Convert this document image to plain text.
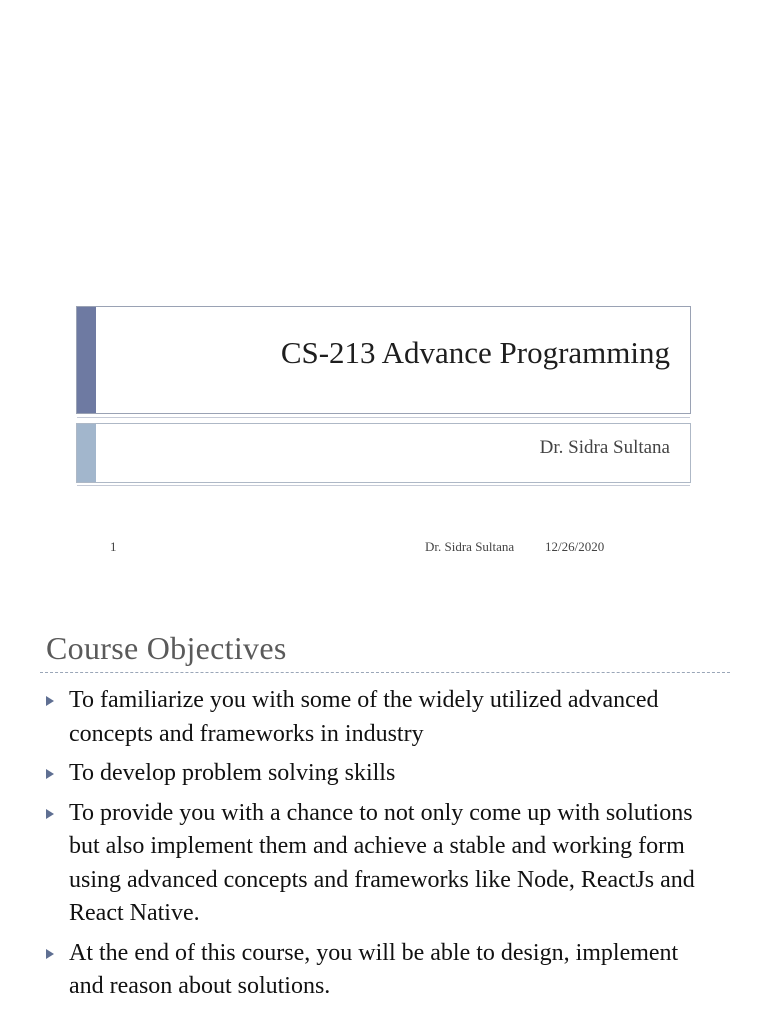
CS-213 Advance Programming
Dr. Sidra Sultana
1	Dr. Sidra Sultana 12/26/2020
Course Objectives
To familiarize you with some of the widely utilized advanced concepts and frameworks in industry
To develop problem solving skills
To provide you with a chance to not only come up with solutions but also implement them and achieve a stable and working form using advanced concepts and frameworks like Node, ReactJs and React Native.
At the end of this course, you will be able to design, implement and reason about solutions.
